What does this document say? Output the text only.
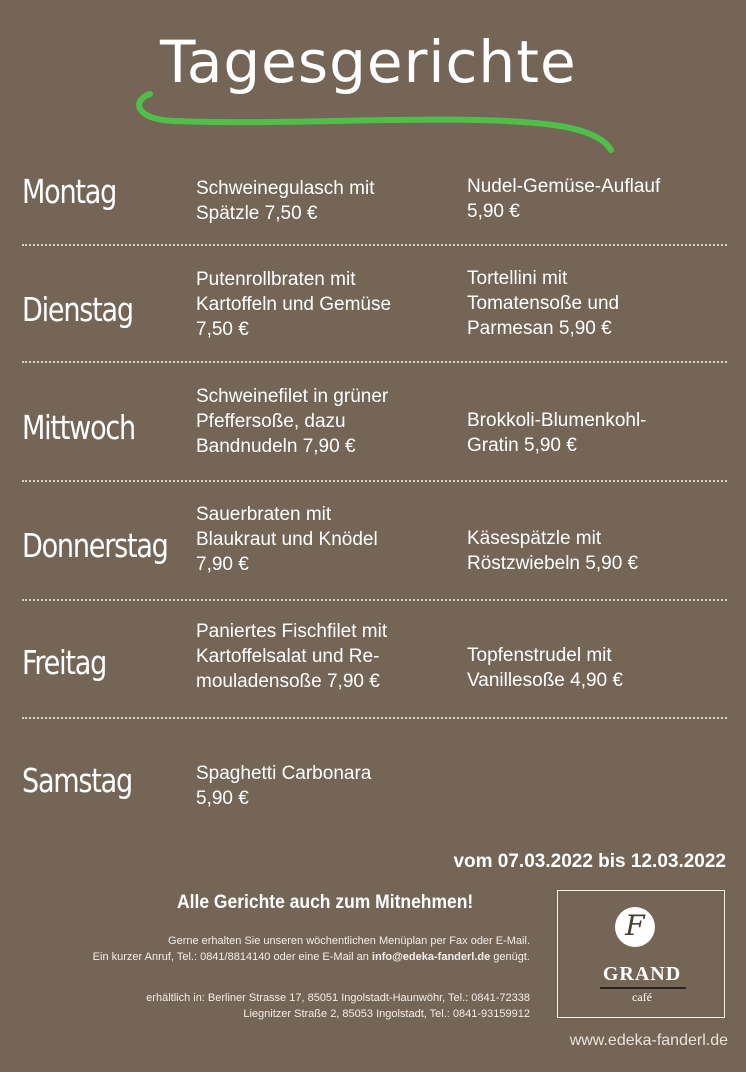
Tagesgerichte
Montag	Schweinegulasch mit
Spätzle 7,50 €
Nudel-Gemüse-Auflauf
5,90 €
Dienstag
Putenrollbraten mit
Kartoffeln und Gemüse
7,50 €
Tortellini mit
Tomatensoße und
Parmesan 5,90 €
Mittwoch
Schweinefilet in grüner
Pfeffersoße, dazu
Bandnudeln 7,90 €
Brokkoli-Blumenkohl-
Gratin 5,90 €
Donnerstag
Sauerbraten mit
Blaukraut und Knödel
7,90 €
Käsespätzle mit
Röstzwiebeln 5,90 €
Freitag
Paniertes Fischfilet mit
Kartoffelsalat und Re-
mouladensoße 7,90 €
Topfenstrudel mit
Vanillesoße 4,90 €
Samstag	Spaghetti Carbonara
5,90 €
vom 07.03.2022 bis 12.03.2022
Alle Gerichte auch zum Mitnehmen!
Gerne erhalten Sie unseren wöchentlichen Menüplan per Fax oder E-Mail.
Ein kurzer Anruf, Tel.: 0841/8814140 oder eine E-Mail an info@edeka-fanderl.de genügt.
erhältlich in: Berliner Strasse 17, 85051 Ingolstadt-Haunwöhr, Tel.: 0841-72338
Liegnitzer Straße 2, 85053 Ingolstadt, Tel.: 0841-93159912
F
GRAND
café
www.edeka-fanderl.de
